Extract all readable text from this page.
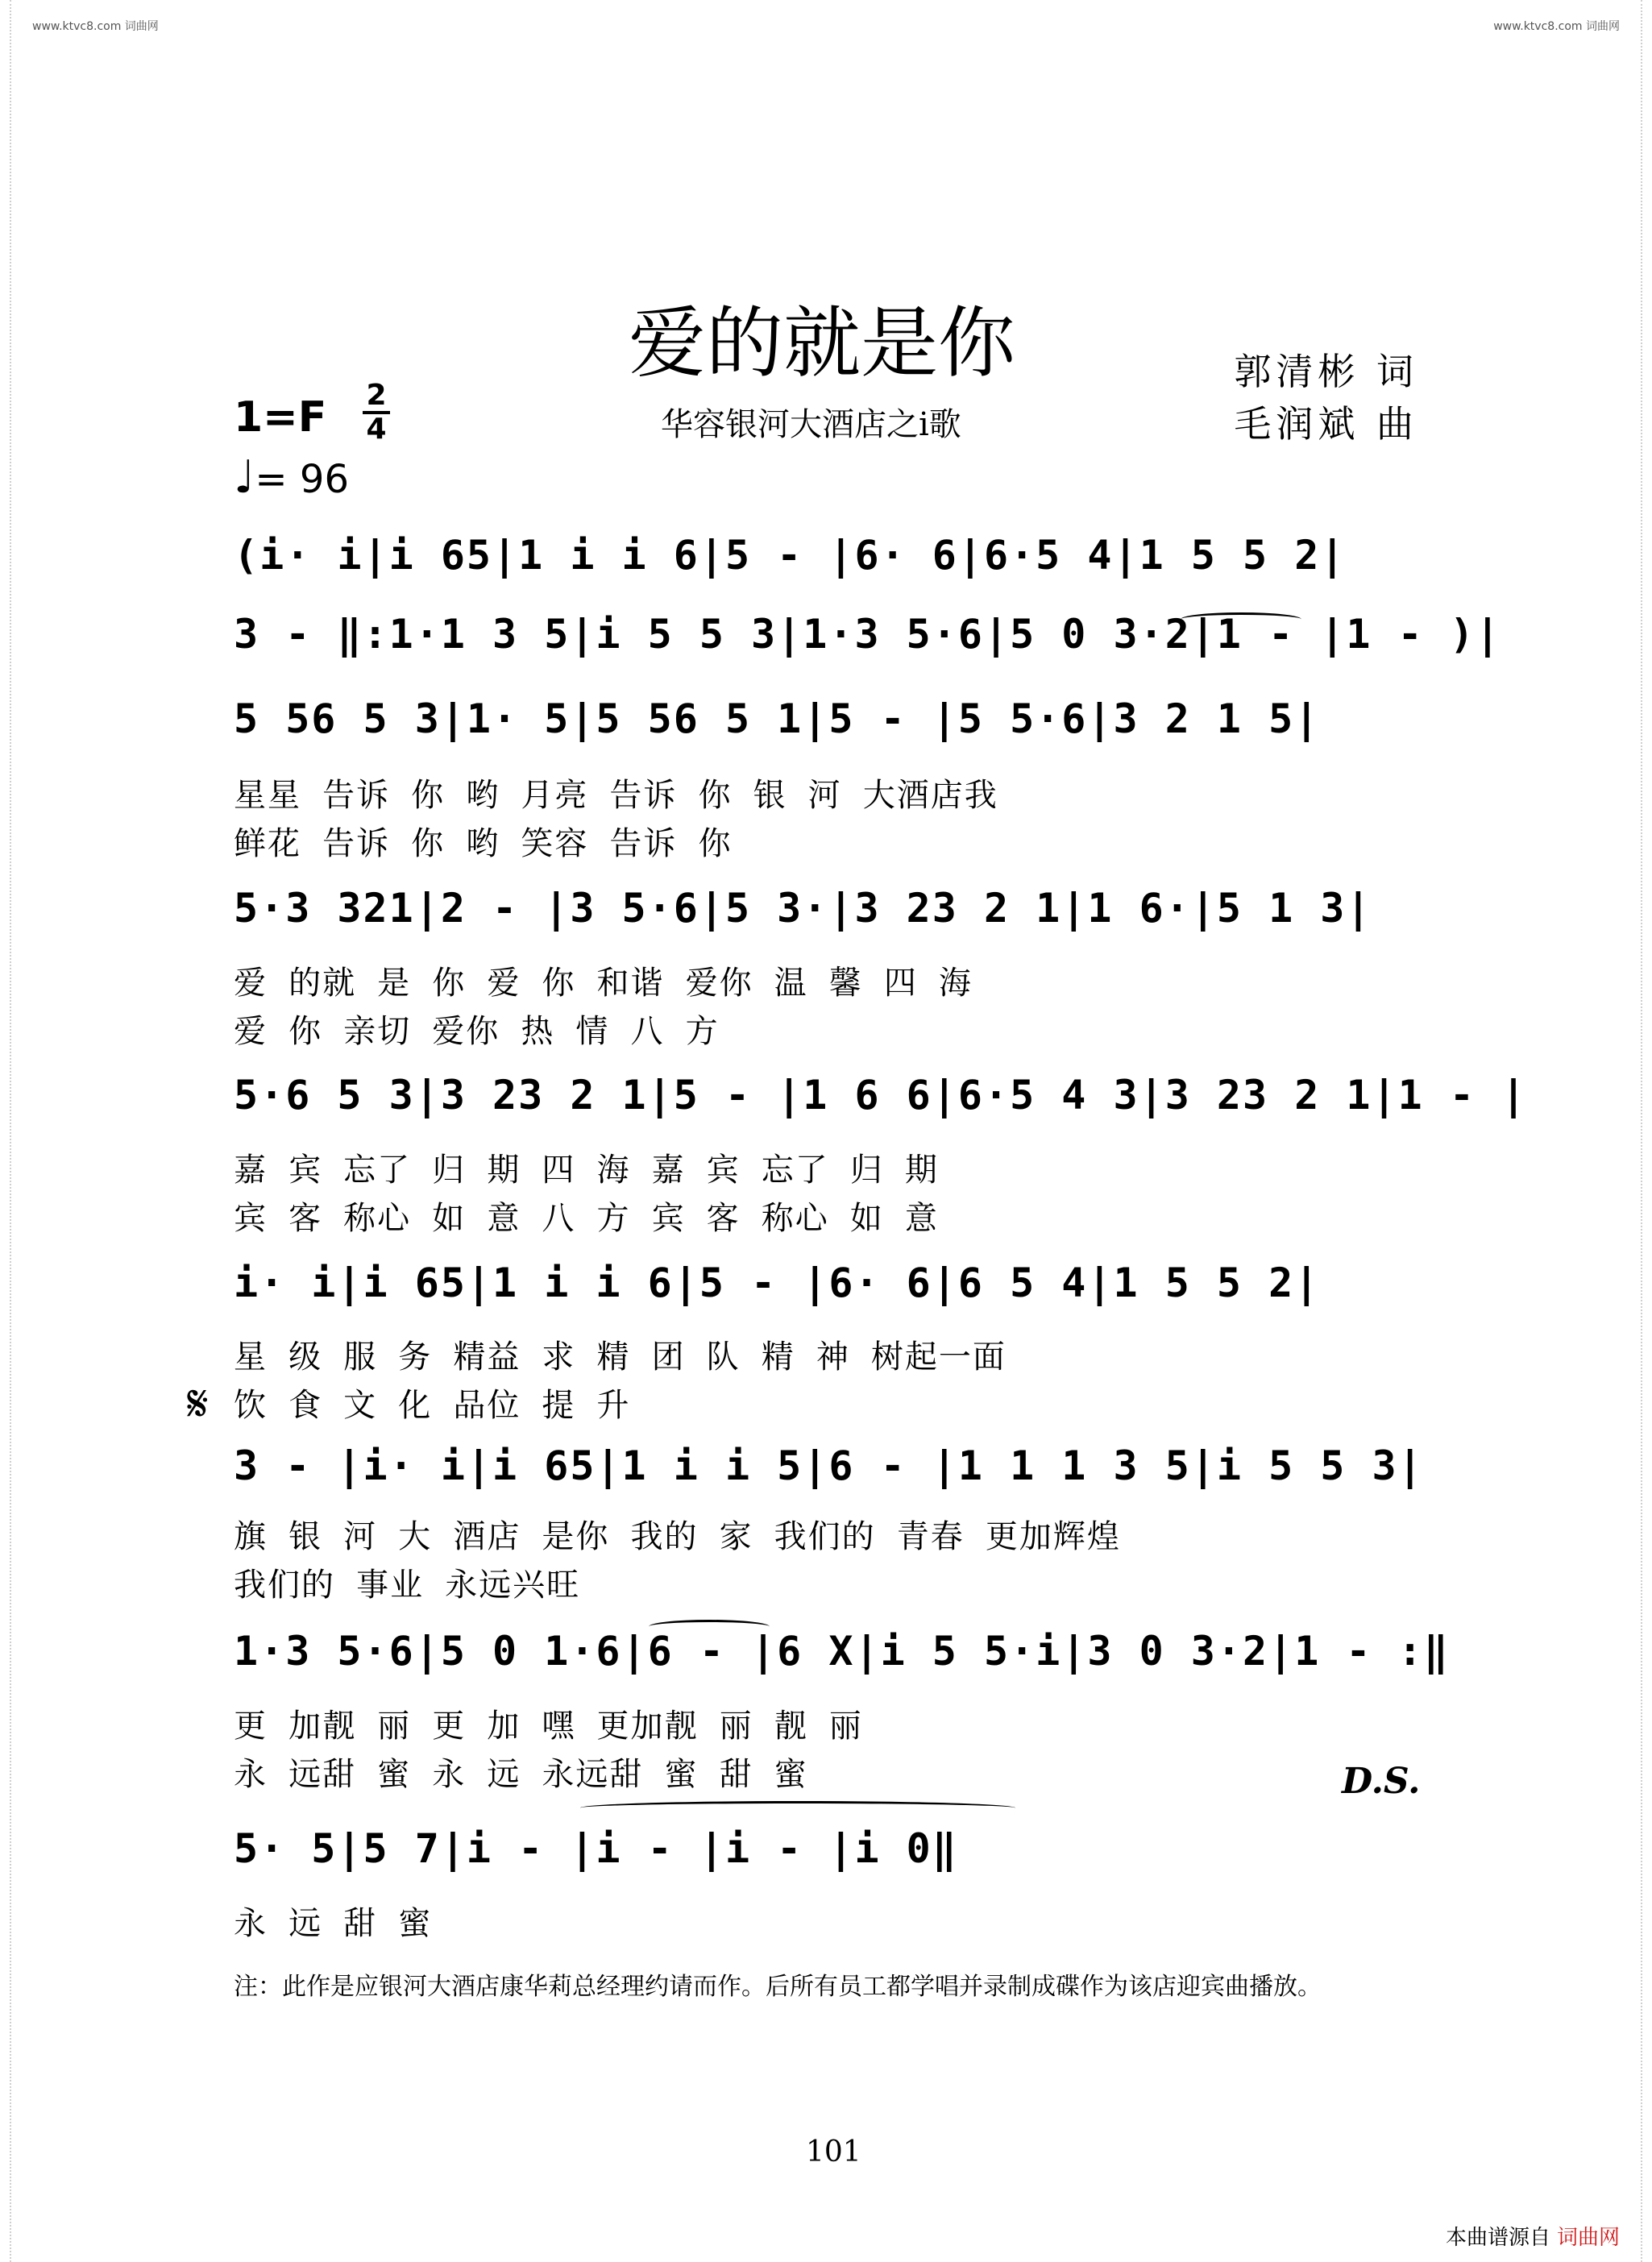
www.ktvc8.com 词曲网	www.ktvc8.com 词曲网
爱的就是你
华容银河大酒店之i歌
郭清彬 词
毛润斌 曲
1=F 2
4
♩= 96
(i· i|i 65|1 i i 6|5 - |6· 6|6·5 4|1 5 5 2|
3 - ‖:1·1 3 5|i 5 5 3|1·3 5·6|5 0 3·2|1 - |1 - )|
5 56 5 3|1· 5|5 56 5 1|5 - |5 5·6|3 2 1 5|
星星 告诉 你 哟 月亮 告诉 你 银 河 大酒店我
鲜花 告诉 你 哟 笑容 告诉 你
5·3 321|2 - |3 5·6|5 3·|3 23 2 1|1 6·|5 1 3|
爱 的就 是 你 爱 你 和谐 爱你 温 馨 四 海
爱 你 亲切 爱你 热 情 八 方
5·6 5 3|3 23 2 1|5 - |1 6 6|6·5 4 3|3 23 2 1|1 - |
嘉 宾 忘了 归 期 四 海 嘉 宾 忘了 归 期
宾 客 称心 如 意 八 方 宾 客 称心 如 意
i· i|i 65|1 i i 6|5 - |6· 6|6 5 4|1 5 5 2|
星 级 服 务 精益 求 精 团 队 精 神 树起一面
𝄋 饮 食 文 化 品位 提 升
3 - |i· i|i 65|1 i i 5|6 - |1 1 1 3 5|i 5 5 3|
旗 银 河 大 酒店 是你 我的 家 我们的 青春 更加辉煌
我们的 事业 永远兴旺
1·3 5·6|5 0 1·6|6 - |6 X|i 5 5·i|3 0 3·2|1 - :‖
更 加靓 丽 更 加 嘿 更加靓 丽 靓 丽
永 远甜 蜜 永 远 永远甜 蜜 甜 蜜	D.S.
5· 5|5 7|i - |i - |i - |i 0‖
永 远 甜 蜜
注：此作是应银河大酒店康华莉总经理约请而作。后所有员工都学唱并录制成碟作为该店迎宾曲播放。
101
本曲谱源自 词曲网
